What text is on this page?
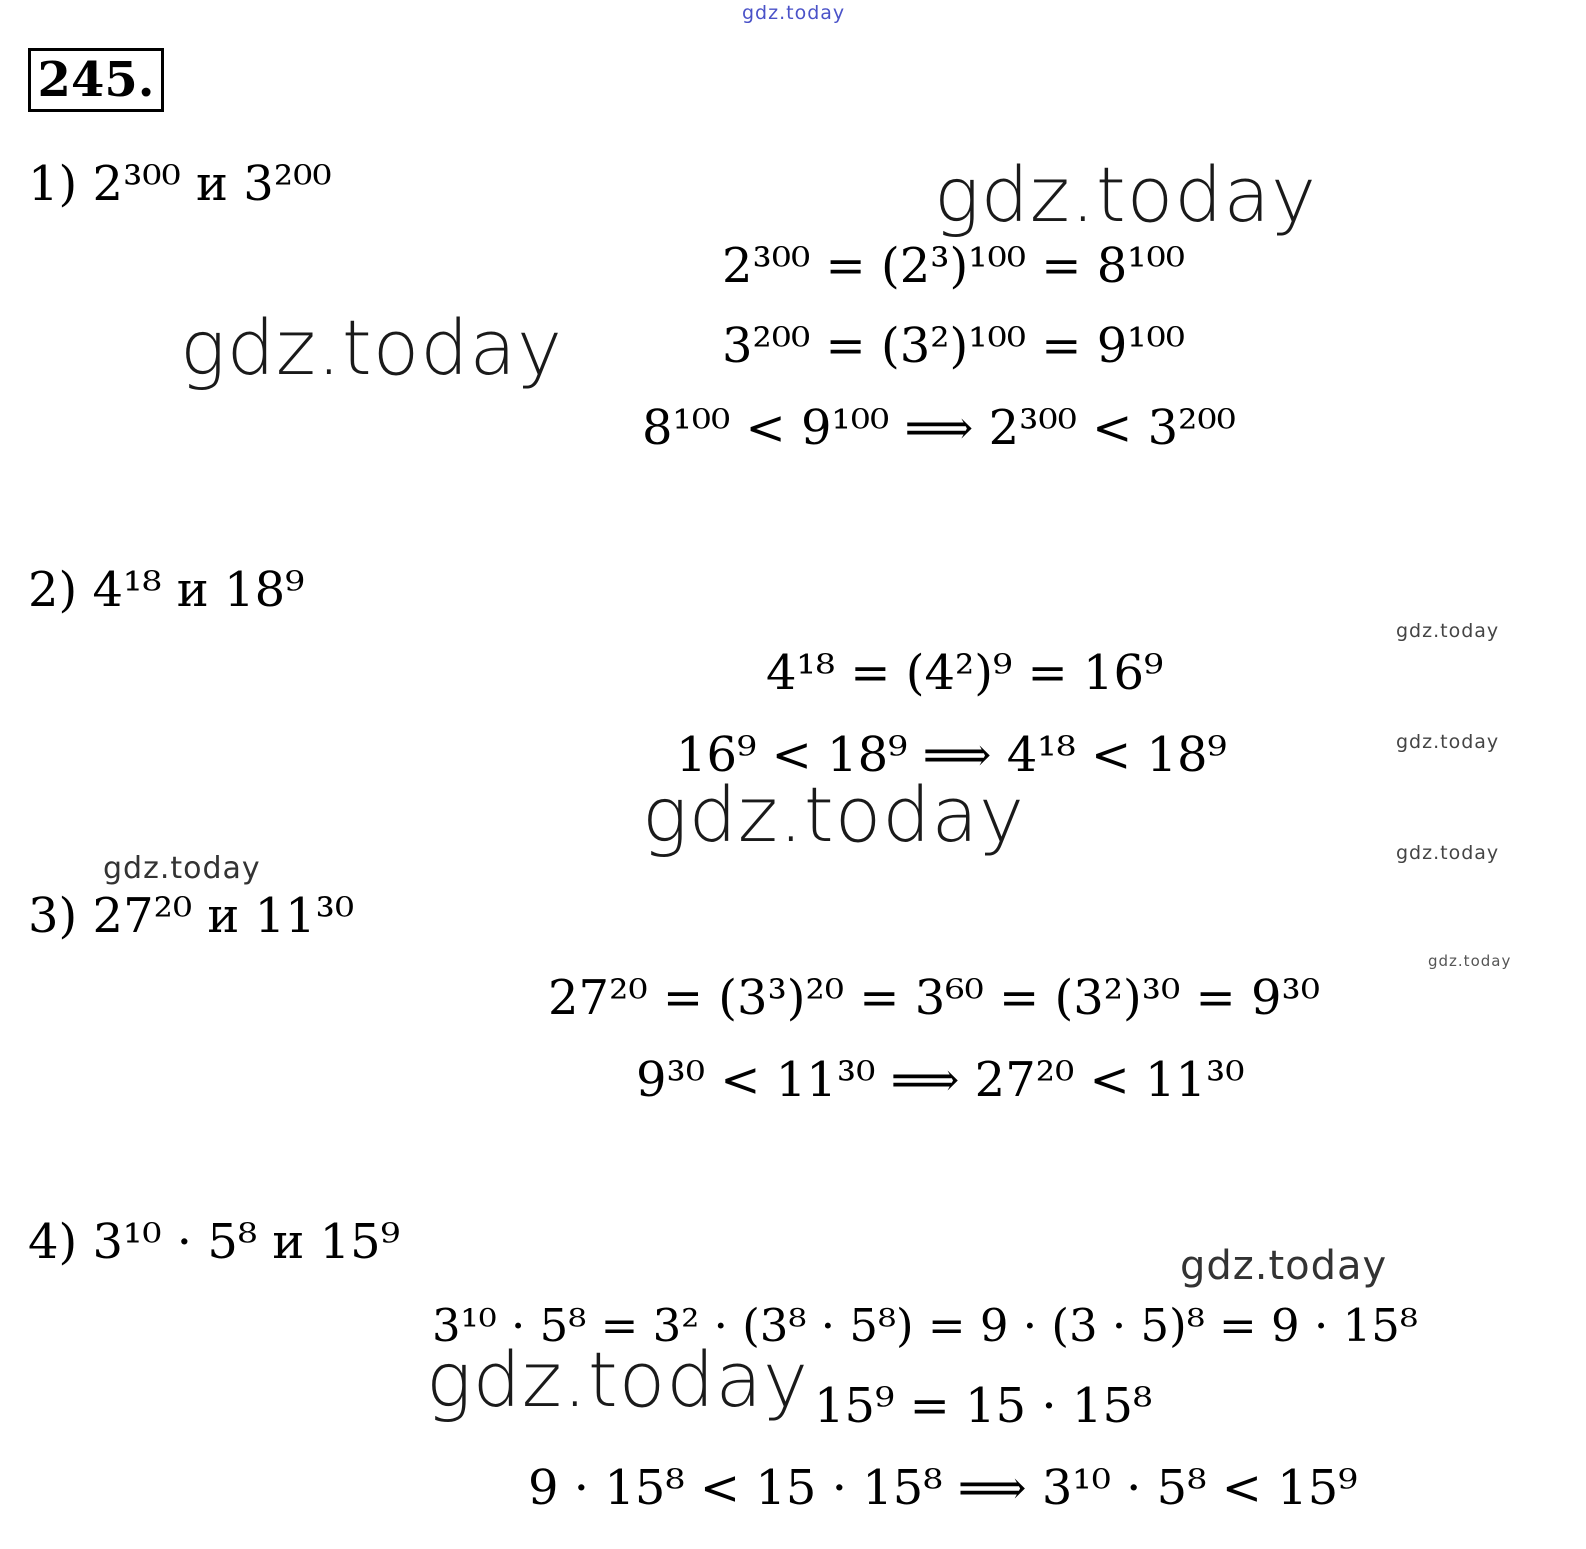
gdz.today
gdz.today
gdz.today
gdz.today
gdz.today
gdz.today	gdz.today
gdz.today
gdz.today
gdz.today
gdz.today
245.
1) 2³⁰⁰ и 3²⁰⁰
2³⁰⁰ = (2³)¹⁰⁰ = 8¹⁰⁰
3²⁰⁰ = (3²)¹⁰⁰ = 9¹⁰⁰
8¹⁰⁰ < 9¹⁰⁰ ⟹ 2³⁰⁰ < 3²⁰⁰
2) 4¹⁸ и 18⁹
4¹⁸ = (4²)⁹ = 16⁹
16⁹ < 18⁹ ⟹ 4¹⁸ < 18⁹
3) 27²⁰ и 11³⁰
27²⁰ = (3³)²⁰ = 3⁶⁰ = (3²)³⁰ = 9³⁰
9³⁰ < 11³⁰ ⟹ 27²⁰ < 11³⁰
4) 3¹⁰ · 5⁸ и 15⁹
3¹⁰ · 5⁸ = 3² · (3⁸ · 5⁸) = 9 · (3 · 5)⁸ = 9 · 15⁸
15⁹ = 15 · 15⁸
9 · 15⁸ < 15 · 15⁸ ⟹ 3¹⁰ · 5⁸ < 15⁹
